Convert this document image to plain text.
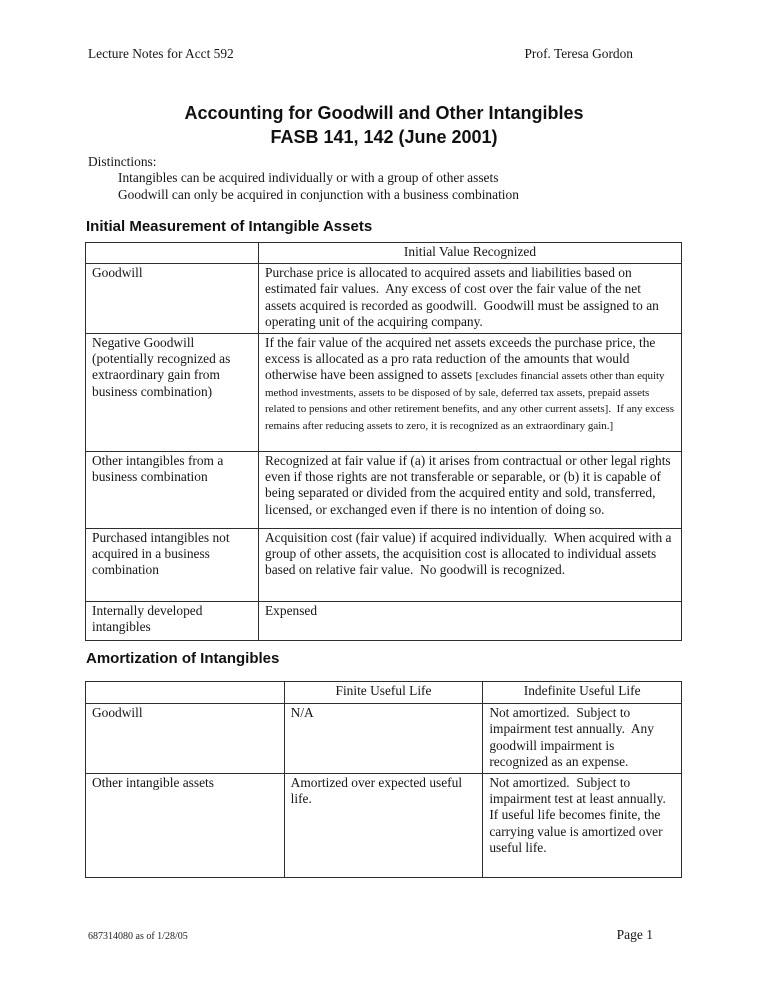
Lecture Notes for Acct 592	Prof. Teresa Gordon
Accounting for Goodwill and Other Intangibles
FASB 141, 142 (June 2001)
Distinctions:
Intangibles can be acquired individually or with a group of other assets
Goodwill can only be acquired in conjunction with a business combination
Initial Measurement of Intangible Assets
	Initial Value Recognized
Goodwill	Purchase price is allocated to acquired assets and liabilities based on estimated fair values.  Any excess of cost over the fair value of the net assets acquired is recorded as goodwill.  Goodwill must be assigned to an operating unit of the acquiring company.
Negative Goodwill (potentially recognized as extraordinary gain from business combination)	If the fair value of the acquired net assets exceeds the purchase price, the excess is allocated as a pro rata reduction of the amounts that would otherwise have been assigned to assets [excludes financial assets other than equity method investments, assets to be disposed of by sale, deferred tax assets, prepaid assets related to pensions and other retirement benefits, and any other current assets].  If any excess remains after reducing assets to zero, it is recognized as an extraordinary gain.]
Other intangibles from a business combination	Recognized at fair value if (a) it arises from contractual or other legal rights even if those rights are not transferable or separable, or (b) it is capable of being separated or divided from the acquired entity and sold, transferred, licensed, or exchanged even if there is no intention of doing so.
Purchased intangibles not acquired in a business combination	Acquisition cost (fair value) if acquired individually.  When acquired with a group of other assets, the acquisition cost is allocated to individual assets based on relative fair value.  No goodwill is recognized.
Internally developed intangibles	Expensed
Amortization of Intangibles
	Finite Useful Life	Indefinite Useful Life
Goodwill	N/A	Not amortized.  Subject to impairment test annually.  Any goodwill impairment is recognized as an expense.
Other intangible assets	Amortized over expected useful life.	Not amortized.  Subject to impairment test at least annually.  If useful life becomes finite, the carrying value is amortized over useful life.
687314080 as of 1/28/05	Page 1
